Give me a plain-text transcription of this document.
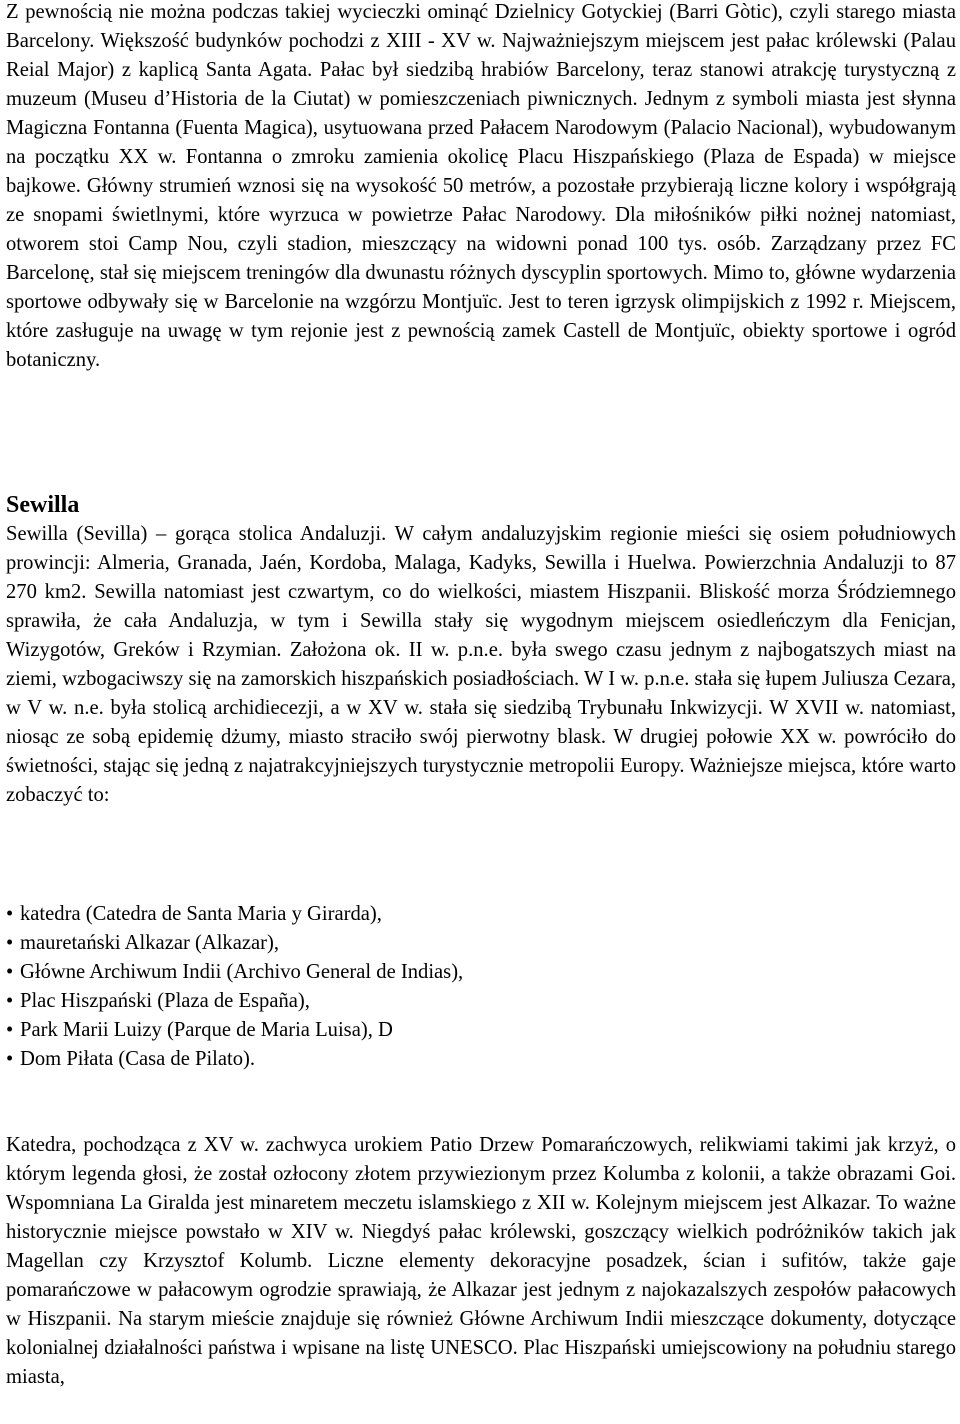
Z pewnością nie można podczas takiej wycieczki ominąć Dzielnicy Gotyckiej (Barri Gòtic), czyli starego miasta Barcelony. Większość budynków pochodzi z XIII - XV w. Najważniejszym miejscem jest pałac królewski (Palau Reial Major) z kaplicą Santa Agata. Pałac był siedzibą hrabiów Barcelony, teraz stanowi atrakcję turystyczną z muzeum (Museu d’Historia de la Ciutat) w pomieszczeniach piwnicznych. Jednym z symboli miasta jest słynna Magiczna Fontanna (Fuenta Magica), usytuowana przed Pałacem Narodowym (Palacio Nacional), wybudowanym na początku XX w. Fontanna o zmroku zamienia okolicę Placu Hiszpańskiego (Plaza de Espada) w miejsce bajkowe. Główny strumień wznosi się na wysokość 50 metrów, a pozostałe przybierają liczne kolory i współgrają ze snopami świetlnymi, które wyrzuca w powietrze Pałac Narodowy. Dla miłośników piłki nożnej natomiast, otworem stoi Camp Nou, czyli stadion, mieszczący na widowni ponad 100 tys. osób. Zarządzany przez FC Barcelonę, stał się miejscem treningów dla dwunastu różnych dyscyplin sportowych. Mimo to, główne wydarzenia sportowe odbywały się w Barcelonie na wzgórzu Montjuïc. Jest to teren igrzysk olimpijskich z 1992 r. Miejscem, które zasługuje na uwagę w tym rejonie jest z pewnością zamek Castell de Montjuïc, obiekty sportowe i ogród botaniczny.

Sewilla

Sewilla (Sevilla) – gorąca stolica Andaluzji. W całym andaluzyjskim regionie mieści się osiem południowych prowincji: Almeria, Granada, Jaén, Kordoba, Malaga, Kadyks, Sewilla i Huelwa. Powierzchnia Andaluzji to 87 270 km2. Sewilla natomiast jest czwartym, co do wielkości, miastem Hiszpanii. Bliskość morza Śródziemnego sprawiła, że cała Andaluzja, w tym i Sewilla stały się wygodnym miejscem osiedleńczym dla Fenicjan, Wizygotów, Greków i Rzymian. Założona ok. II w. p.n.e. była swego czasu jednym z najbogatszych miast na ziemi, wzbogaciwszy się na zamorskich hiszpańskich posiadłościach. W I w. p.n.e. stała się łupem Juliusza Cezara, w V w. n.e. była stolicą archidiecezji, a w XV w. stała się siedzibą Trybunału Inkwizycji. W XVII w. natomiast, niosąc ze sobą epidemię dżumy, miasto straciło swój pierwotny blask. W drugiej połowie XX w. powróciło do świetności, stając się jedną z najatrakcyjniejszych turystycznie metropolii Europy. Ważniejsze miejsca, które warto zobaczyć to:

• katedra (Catedra de Santa Maria y Girarda),
• mauretański Alkazar (Alkazar),
• Główne Archiwum Indii (Archivo General de Indias),
• Plac Hiszpański (Plaza de España),
• Park Marii Luizy (Parque de Maria Luisa), D
• Dom Piłata (Casa de Pilato).

Katedra, pochodząca z XV w. zachwyca urokiem Patio Drzew Pomarańczowych, relikwiami takimi jak krzyż, o którym legenda głosi, że został ozłocony złotem przywiezionym przez Kolumba z kolonii, a także obrazami Goi. Wspomniana La Giralda jest minaretem meczetu islamskiego z XII w. Kolejnym miejscem jest Alkazar. To ważne historycznie miejsce powstało w XIV w. Niegdyś pałac królewski, goszczący wielkich podróżników takich jak Magellan czy Krzysztof Kolumb. Liczne elementy dekoracyjne posadzek, ścian i sufitów, także gaje pomarańczowe w pałacowym ogrodzie sprawiają, że Alkazar jest jednym z najokazalszych zespołów pałacowych w Hiszpanii. Na starym mieście znajduje się również Główne Archiwum Indii mieszczące dokumenty, dotyczące kolonialnej działalności państwa i wpisane na listę UNESCO. Plac Hiszpański umiejscowiony na południu starego miasta,
